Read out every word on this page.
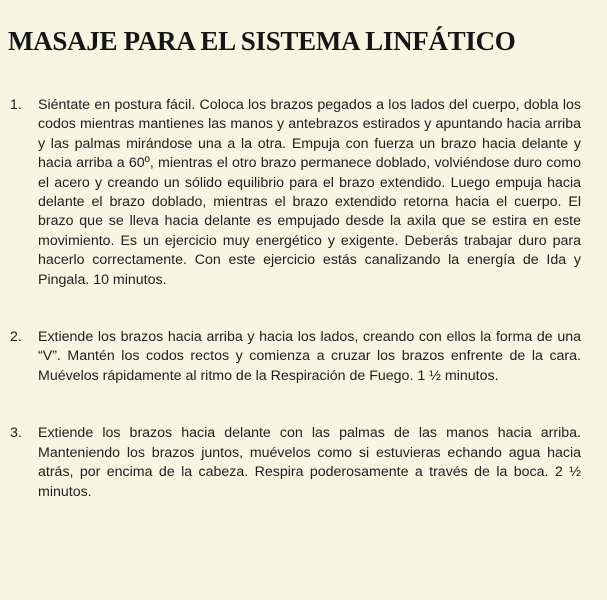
MASAJE PARA EL SISTEMA LINFÁTICO
1. Siéntate en postura fácil. Coloca los brazos pegados a los lados del cuerpo, dobla los codos mientras mantienes las manos y antebrazos estirados y apuntando hacia arriba y las palmas mirándose una a la otra. Empuja con fuerza un brazo hacia delante y hacia arriba a 60º, mientras el otro brazo permanece doblado, volviéndose duro como el acero y creando un sólido equilibrio para el brazo extendido. Luego empuja hacia delante el brazo doblado, mientras el brazo extendido retorna hacia el cuerpo. El brazo que se lleva hacia delante es empujado desde la axila que se estira en este movimiento. Es un ejercicio muy energético y exigente. Deberás trabajar duro para hacerlo correctamente. Con este ejercicio estás canalizando la energía de Ida y Pingala. 10 minutos.
2. Extiende los brazos hacia arriba y hacia los lados, creando con ellos la forma de una “V”. Mantén los codos rectos y comienza a cruzar los brazos enfrente de la cara. Muévelos rápidamente al ritmo de la Respiración de Fuego. 1 ½ minutos.
3. Extiende los brazos hacia delante con las palmas de las manos hacia arriba. Manteniendo los brazos juntos, muévelos como si estuvieras echando agua hacia atrás, por encima de la cabeza. Respira poderosamente a través de la boca. 2 ½ minutos.
